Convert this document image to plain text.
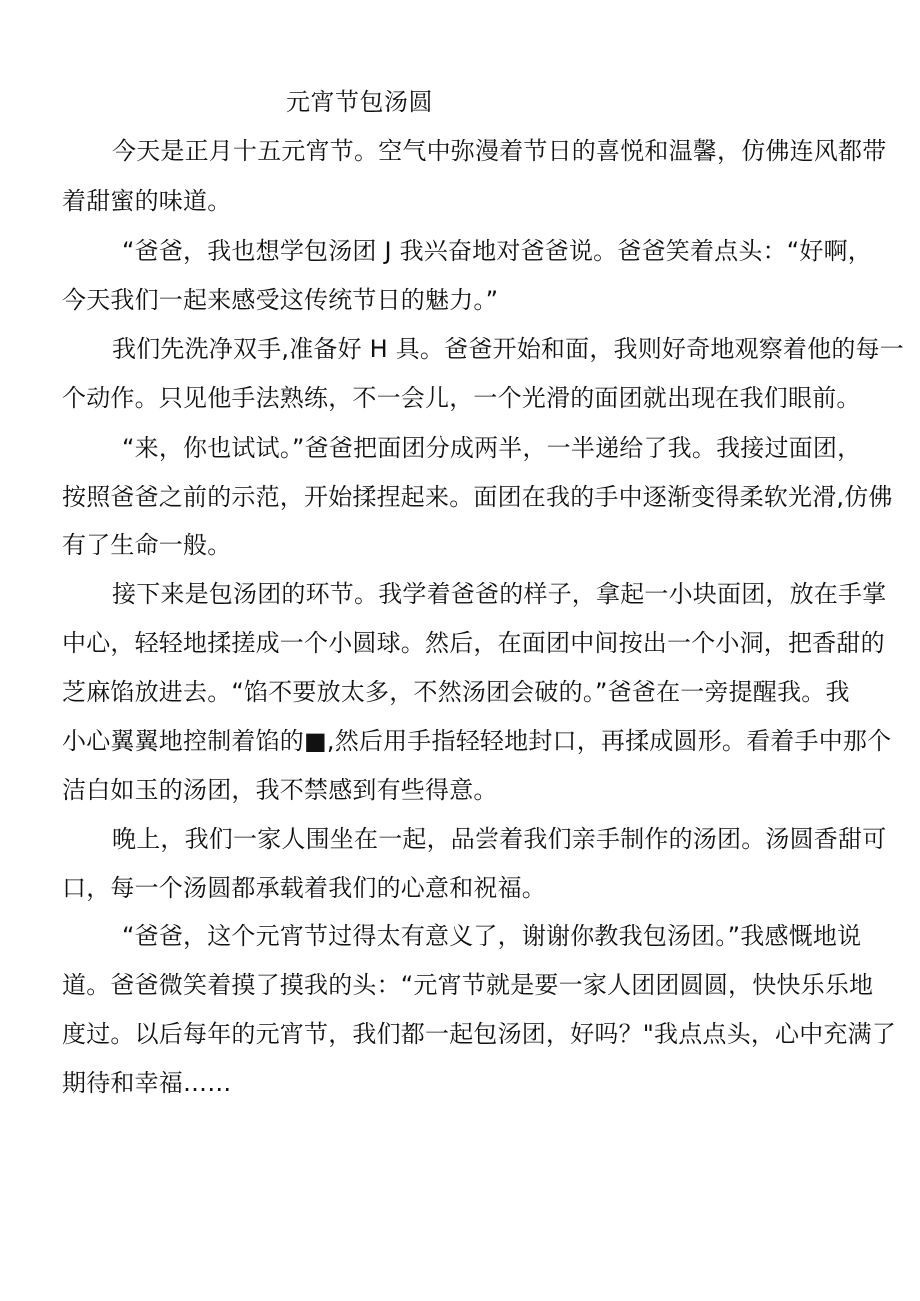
元宵节包汤圆
今天是正月十五元宵节。空气中弥漫着节日的喜悦和温馨，仿佛连风都带
着甜蜜的味道。
“爸爸，我也想学包汤团 J 我兴奋地对爸爸说。爸爸笑着点头：“好啊，
今天我们一起来感受这传统节日的魅力。”
我们先洗净双手,准备好 H 具。爸爸开始和面，我则好奇地观察着他的每一
个动作。只见他手法熟练，不一会儿，一个光滑的面团就出现在我们眼前。
“来，你也试试。”爸爸把面团分成两半，一半递给了我。我接过面团，
按照爸爸之前的示范，开始揉捏起来。面团在我的手中逐渐变得柔软光滑,仿佛
有了生命一般。
接下来是包汤团的环节。我学着爸爸的样子，拿起一小块面团，放在手掌
中心，轻轻地揉搓成一个小圆球。然后，在面团中间按出一个小洞，把香甜的
芝麻馅放进去。“馅不要放太多，不然汤团会破的。”爸爸在一旁提醒我。我
小心翼翼地控制着馅的■,然后用手指轻轻地封口，再揉成圆形。看着手中那个
洁白如玉的汤团，我不禁感到有些得意。
晚上，我们一家人围坐在一起，品尝着我们亲手制作的汤团。汤圆香甜可
口，每一个汤圆都承载着我们的心意和祝福。
“爸爸，这个元宵节过得太有意义了，谢谢你教我包汤团。”我感慨地说
道。爸爸微笑着摸了摸我的头：“元宵节就是要一家人团团圆圆，快快乐乐地
度过。以后每年的元宵节，我们都一起包汤团，好吗？"我点点头，心中充满了
期待和幸福……
